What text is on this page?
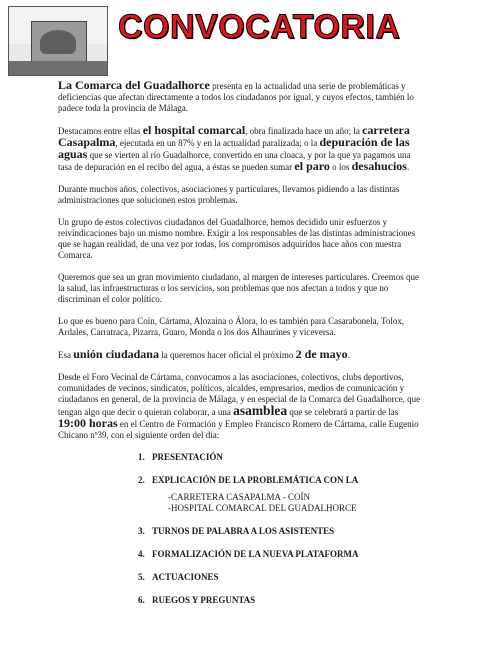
CONVOCATORIA

La Comarca del Guadalhorce presenta en la actualidad una serie de problemáticas y deficiencias que afectan directamente a todos los ciudadanos por igual, y cuyos efectos, también lo padece toda la provincia de Málaga.

Destacamos entre ellas el hospital comarcal, obra finalizada hace un año; la carretera Casapalma, ejecutada en un 87% y en la actualidad paralizada; o la depuración de las aguas que se vierten al río Guadalhorce, convertido en una cloaca, y por la que ya pagamos una tasa de depuración en el recibo del agua, a éstas se pueden sumar el paro o los desahucios.

Durante muchos años, colectivos, asociaciones y particulares, llevamos pidiendo a las distintas administraciones que solucionen estos problemas.

Un grupo de estos colectivos ciudadanos del Guadalhorce, hemos decidido unir esfuerzos y reivindicaciones bajo un mismo nombre. Exigir a los responsables de las distintas administraciones que se hagan realidad, de una vez por todas, los compromisos adquiridos hace años con nuestra Comarca.

Queremos que sea un gran movimiento ciudadano, al margen de intereses particulares. Creemos que la salud, las infraestructuras o los servicios, son problemas que nos afectan a todos y que no discriminan el color político.

Lo que es bueno para Coín, Cártama, Alozaina o Álora, lo es también para Casarabonela, Tolox, Ardales, Carratraca, Pizarra, Guaro, Monda o los dos Alhaurines y viceversa.

Esa unión ciudadana la queremos hacer oficial el próximo 2 de mayo.

Desde el Foro Vecinal de Cártama, convocamos a las asociaciones, colectivos, clubs deportivos, comunidades de vecinos, sindicatos, políticos, alcaldes, empresarios, medios de comunicación y ciudadanos en general, de la provincia de Málaga, y en especial de la Comarca del Guadalhorce, que tengan algo que decir o quieran colaborar, a una asamblea que se celebrará a partir de las 19:00 horas en el Centro de Formación y Empleo Francisco Romero de Cártama, calle Eugenio Chicano nº39, con el siguiente orden del día:

1. PRESENTACIÓN
2. EXPLICACIÓN DE LA PROBLEMÁTICA CON LA
-CARRETERA CASAPALMA - COÍN
-HOSPITAL COMARCAL DEL GUADALHORCE
3. TURNOS DE PALABRA A LOS ASISTENTES
4. FORMALIZACIÓN DE LA NUEVA PLATAFORMA
5. ACTUACIONES
6. RUEGOS Y PREGUNTAS
